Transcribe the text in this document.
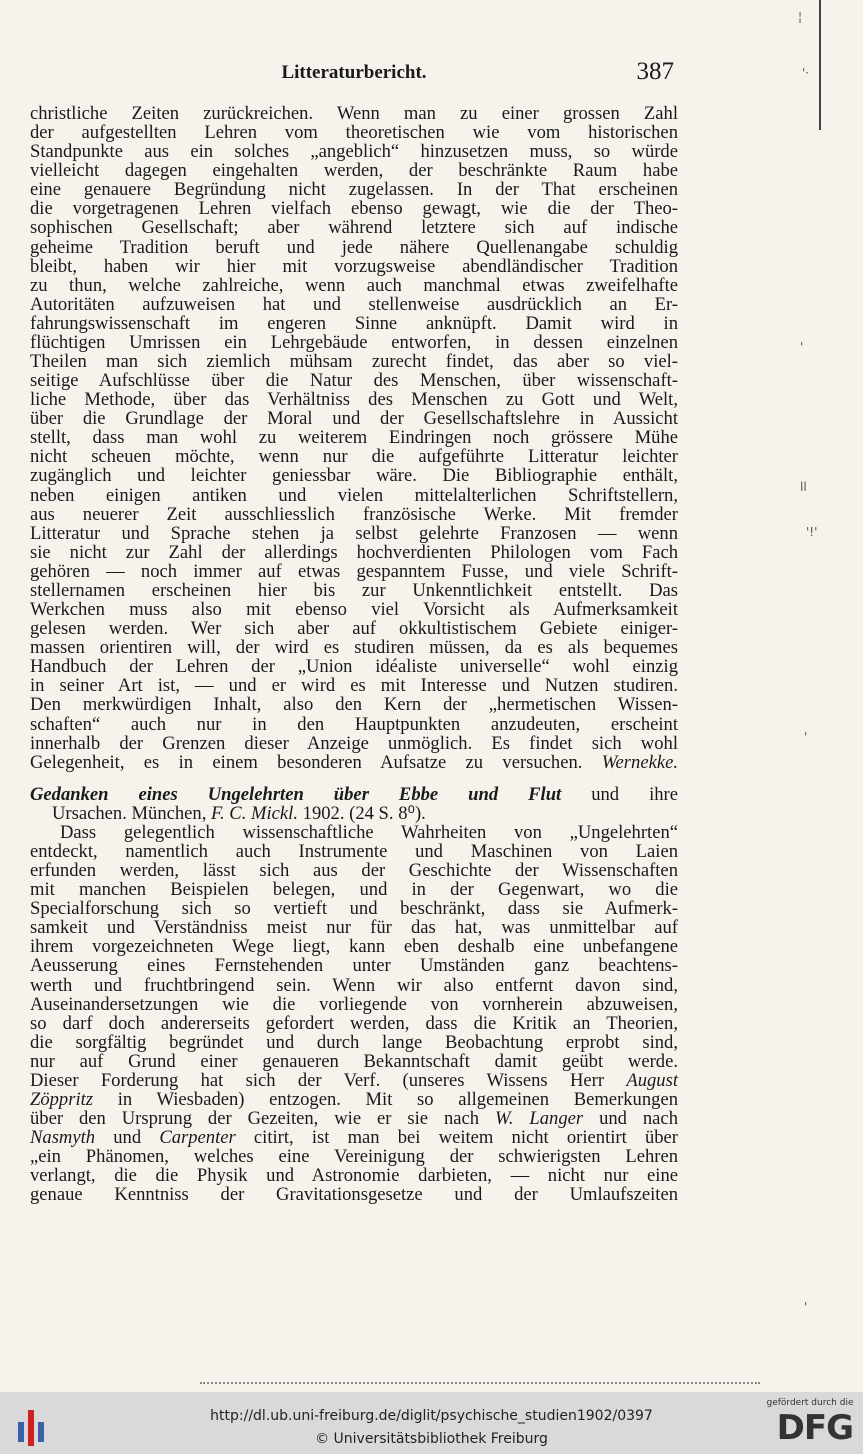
Litteraturbericht.	387
christliche Zeiten zurückreichen. Wenn man zu einer grossen Zahl
der aufgestellten Lehren vom theoretischen wie vom historischen
Standpunkte aus ein solches „angeblich“ hinzusetzen muss, so würde
vielleicht dagegen eingehalten werden, der beschränkte Raum habe
eine genauere Begründung nicht zugelassen. In der That erscheinen
die vorgetragenen Lehren vielfach ebenso gewagt, wie die der Theo-
sophischen Gesellschaft; aber während letztere sich auf indische
geheime Tradition beruft und jede nähere Quellenangabe schuldig
bleibt, haben wir hier mit vorzugsweise abendländischer Tradition
zu thun, welche zahlreiche, wenn auch manchmal etwas zweifelhafte
Autoritäten aufzuweisen hat und stellenweise ausdrücklich an Er-
fahrungswissenschaft im engeren Sinne anknüpft. Damit wird in
flüchtigen Umrissen ein Lehrgebäude entworfen, in dessen einzelnen
Theilen man sich ziemlich mühsam zurecht findet, das aber so viel-
seitige Aufschlüsse über die Natur des Menschen, über wissenschaft-
liche Methode, über das Verhältniss des Menschen zu Gott und Welt,
über die Grundlage der Moral und der Gesellschaftslehre in Aussicht
stellt, dass man wohl zu weiterem Eindringen noch grössere Mühe
nicht scheuen möchte, wenn nur die aufgeführte Litteratur leichter
zugänglich und leichter geniessbar wäre. Die Bibliographie enthält,
neben einigen antiken und vielen mittelalterlichen Schriftstellern,
aus neuerer Zeit ausschliesslich französische Werke. Mit fremder
Litteratur und Sprache stehen ja selbst gelehrte Franzosen — wenn
sie nicht zur Zahl der allerdings hochverdienten Philologen vom Fach
gehören — noch immer auf etwas gespanntem Fusse, und viele Schrift-
stellernamen erscheinen hier bis zur Unkenntlichkeit entstellt. Das
Werkchen muss also mit ebenso viel Vorsicht als Aufmerksamkeit
gelesen werden. Wer sich aber auf okkultistischem Gebiete einiger-
massen orientiren will, der wird es studiren müssen, da es als bequemes
Handbuch der Lehren der „Union idéaliste universelle“ wohl einzig
in seiner Art ist, — und er wird es mit Interesse und Nutzen studiren.
Den merkwürdigen Inhalt, also den Kern der „hermetischen Wissen-
schaften“ auch nur in den Hauptpunkten anzudeuten, erscheint
innerhalb der Grenzen dieser Anzeige unmöglich. Es findet sich wohl
Gelegenheit, es in einem besonderen Aufsatze zu versuchen. Wernekke.
Gedanken eines Ungelehrten über Ebbe und Flut und ihre
Ursachen. München, F. C. Mickl. 1902. (24 S. 8⁰).
Dass gelegentlich wissenschaftliche Wahrheiten von „Ungelehrten“
entdeckt, namentlich auch Instrumente und Maschinen von Laien
erfunden werden, lässt sich aus der Geschichte der Wissenschaften
mit manchen Beispielen belegen, und in der Gegenwart, wo die
Specialforschung sich so vertieft und beschränkt, dass sie Aufmerk-
samkeit und Verständniss meist nur für das hat, was unmittelbar auf
ihrem vorgezeichneten Wege liegt, kann eben deshalb eine unbefangene
Aeusserung eines Fernstehenden unter Umständen ganz beachtens-
werth und fruchtbringend sein. Wenn wir also entfernt davon sind,
Auseinandersetzungen wie die vorliegende von vornherein abzuweisen,
so darf doch andererseits gefordert werden, dass die Kritik an Theorien,
die sorgfältig begründet und durch lange Beobachtung erprobt sind,
nur auf Grund einer genaueren Bekanntschaft damit geübt werde.
Dieser Forderung hat sich der Verf. (unseres Wissens Herr August
Zöppritz in Wiesbaden) entzogen. Mit so allgemeinen Bemerkungen
über den Ursprung der Gezeiten, wie er sie nach W. Langer und nach
Nasmyth und Carpenter citirt, ist man bei weitem nicht orientirt über
„ein Phänomen, welches eine Vereinigung der schwierigsten Lehren
verlangt, die die Physik und Astronomie darbieten, — nicht nur eine
genaue Kenntniss der Gravitationsgesetze und der Umlaufszeiten
¦
'·
'
ll
'!'
'
'
http://dl.ub.uni-freiburg.de/diglit/psychische_studien1902/0397
© Universitätsbibliothek Freiburg
gefördert durch die
DFG
